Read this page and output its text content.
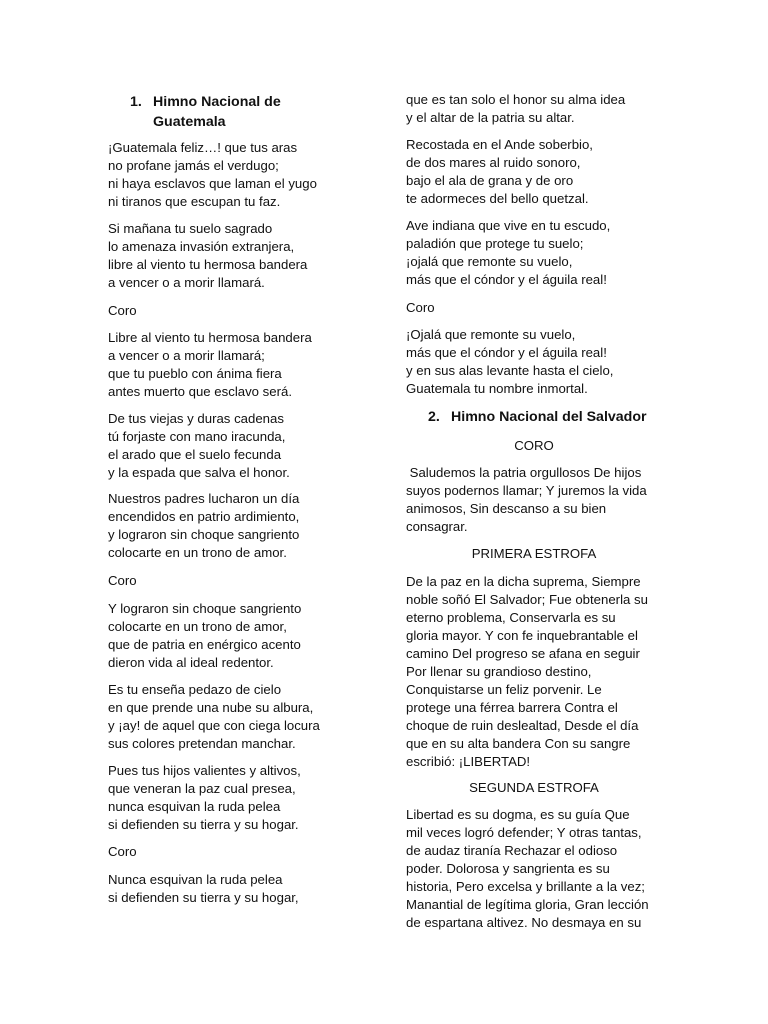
1. Himno Nacional de
Guatemala
¡Guatemala feliz…! que tus aras
no profane jamás el verdugo;
ni haya esclavos que laman el yugo
ni tiranos que escupan tu faz.
Si mañana tu suelo sagrado
lo amenaza invasión extranjera,
libre al viento tu hermosa bandera
a vencer o a morir llamará.
Coro
Libre al viento tu hermosa bandera
a vencer o a morir llamará;
que tu pueblo con ánima fiera
antes muerto que esclavo será.
De tus viejas y duras cadenas
tú forjaste con mano iracunda,
el arado que el suelo fecunda
y la espada que salva el honor.
Nuestros padres lucharon un día
encendidos en patrio ardimiento,
y lograron sin choque sangriento
colocarte en un trono de amor.
Coro
Y lograron sin choque sangriento
colocarte en un trono de amor,
que de patria en enérgico acento
dieron vida al ideal redentor.
Es tu enseña pedazo de cielo
en que prende una nube su albura,
y ¡ay! de aquel que con ciega locura
sus colores pretendan manchar.
Pues tus hijos valientes y altivos,
que veneran la paz cual presea,
nunca esquivan la ruda pelea
si defienden su tierra y su hogar.
Coro
Nunca esquivan la ruda pelea
si defienden su tierra y su hogar,
que es tan solo el honor su alma idea
y el altar de la patria su altar.
Recostada en el Ande soberbio,
de dos mares al ruido sonoro,
bajo el ala de grana y de oro
te adormeces del bello quetzal.
Ave indiana que vive en tu escudo,
paladión que protege tu suelo;
¡ojalá que remonte su vuelo,
más que el cóndor y el águila real!
Coro
¡Ojalá que remonte su vuelo,
más que el cóndor y el águila real!
y en sus alas levante hasta el cielo,
Guatemala tu nombre inmortal.
2. Himno Nacional del Salvador
CORO
Saludemos la patria orgullosos De hijos
suyos podernos llamar; Y juremos la vida
animosos, Sin descanso a su bien
consagrar.
PRIMERA ESTROFA
De la paz en la dicha suprema, Siempre
noble soñó El Salvador; Fue obtenerla su
eterno problema, Conservarla es su
gloria mayor. Y con fe inquebrantable el
camino Del progreso se afana en seguir
Por llenar su grandioso destino,
Conquistarse un feliz porvenir. Le
protege una férrea barrera Contra el
choque de ruin deslealtad, Desde el día
que en su alta bandera Con su sangre
escribió: ¡LIBERTAD!
SEGUNDA ESTROFA
Libertad es su dogma, es su guía Que
mil veces logró defender; Y otras tantas,
de audaz tiranía Rechazar el odioso
poder. Dolorosa y sangrienta es su
historia, Pero excelsa y brillante a la vez;
Manantial de legítima gloria, Gran lección
de espartana altivez. No desmaya en su
